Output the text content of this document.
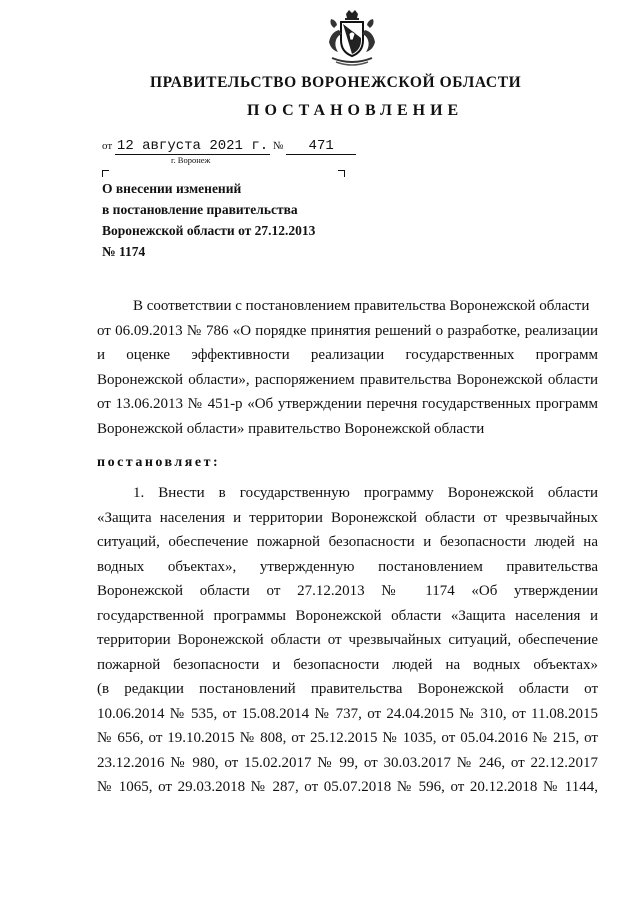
ПРАВИТЕЛЬСТВО ВОРОНЕЖСКОЙ ОБЛАСТИ
ПОСТАНОВЛЕНИЕ
от 12 августа 2021 г. № 471
г. Воронеж
О внесении изменений
в постановление правительства
Воронежской области от 27.12.2013
№ 1174
В соответствии с постановлением правительства Воронежской области
от 06.09.2013 № 786 «О порядке принятия решений о разработке, реализации
и оценке эффективности реализации государственных программ
Воронежской области», распоряжением правительства Воронежской области
от 13.06.2013 № 451-р «Об утверждении перечня государственных программ
Воронежской области» правительство Воронежской области
постановляет:
1. Внести в государственную программу Воронежской области
«Защита населения и территории Воронежской области от чрезвычайных
ситуаций, обеспечение пожарной безопасности и безопасности людей на
водных объектах», утвержденную постановлением правительства
Воронежской области от 27.12.2013 № 1174 «Об утверждении
государственной программы Воронежской области «Защита населения и
территории Воронежской области от чрезвычайных ситуаций, обеспечение
пожарной безопасности и безопасности людей на водных объектах»
(в редакции постановлений правительства Воронежской области от
10.06.2014 № 535, от 15.08.2014 № 737, от 24.04.2015 № 310, от 11.08.2015
№ 656, от 19.10.2015 № 808, от 25.12.2015 № 1035, от 05.04.2016 № 215, от
23.12.2016 № 980, от 15.02.2017 № 99, от 30.03.2017 № 246, от 22.12.2017
№ 1065, от 29.03.2018 № 287, от 05.07.2018 № 596, от 20.12.2018 № 1144,
